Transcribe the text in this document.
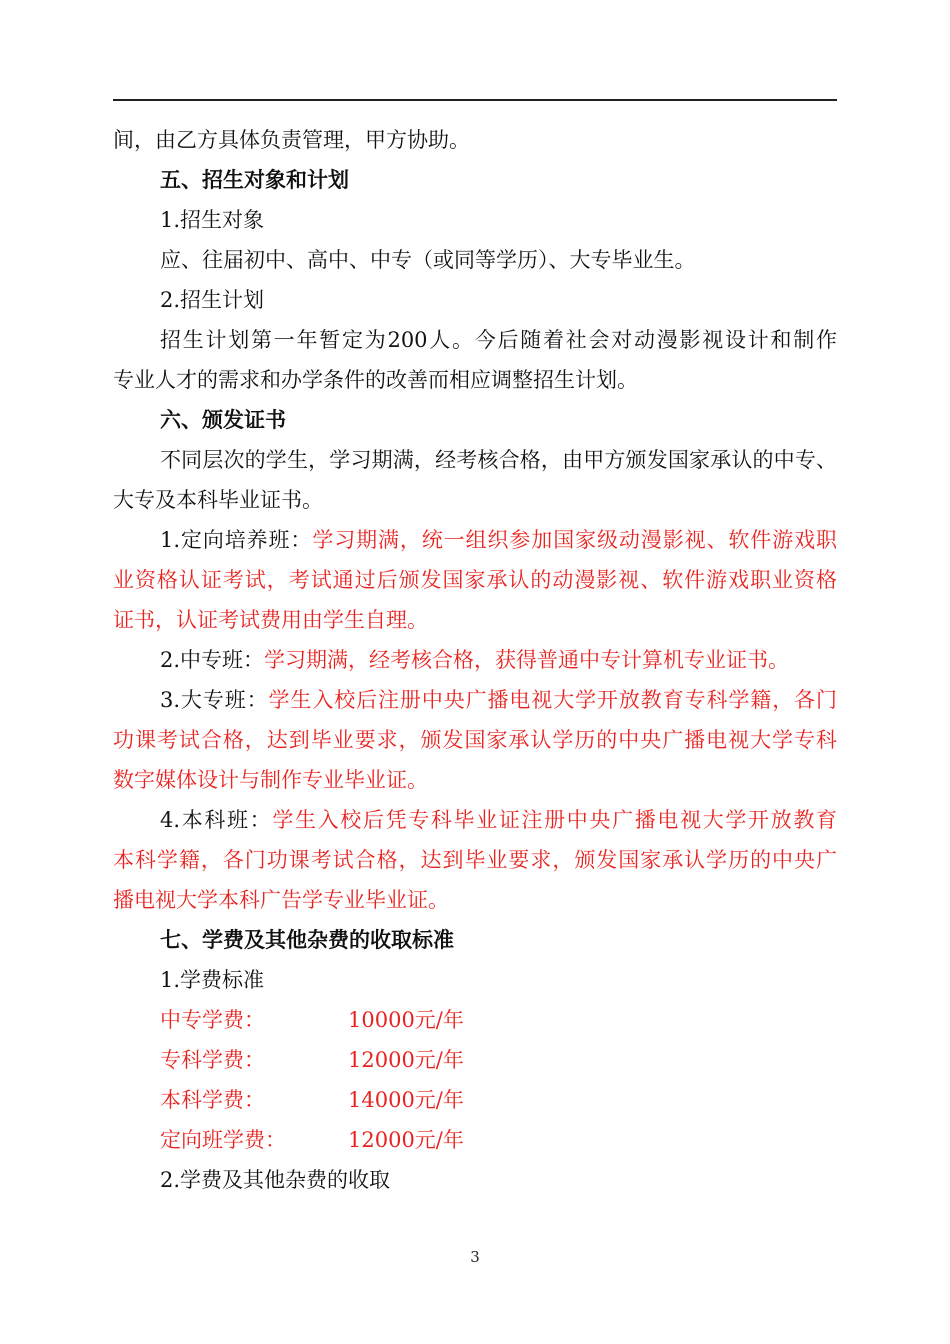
间，由乙方具体负责管理，甲方协助。
五、招生对象和计划
1.招生对象
应、往届初中、高中、中专（或同等学历）、大专毕业生。
2.招生计划
招生计划第一年暂定为200人。今后随着社会对动漫影视设计和制作
专业人才的需求和办学条件的改善而相应调整招生计划。
六、颁发证书
不同层次的学生，学习期满，经考核合格，由甲方颁发国家承认的中专、
大专及本科毕业证书。
1.定向培养班：学习期满，统一组织参加国家级动漫影视、软件游戏职
业资格认证考试，考试通过后颁发国家承认的动漫影视、软件游戏职业资格
证书，认证考试费用由学生自理。
2.中专班：学习期满，经考核合格，获得普通中专计算机专业证书。
3.大专班：学生入校后注册中央广播电视大学开放教育专科学籍，各门
功课考试合格，达到毕业要求，颁发国家承认学历的中央广播电视大学专科
数字媒体设计与制作专业毕业证。
4.本科班：学生入校后凭专科毕业证注册中央广播电视大学开放教育
本科学籍，各门功课考试合格，达到毕业要求，颁发国家承认学历的中央广
播电视大学本科广告学专业毕业证。
七、学费及其他杂费的收取标准
1.学费标准
中专学费：	10000元/年
专科学费：	12000元/年
本科学费：	14000元/年
定向班学费：	12000元/年
2.学费及其他杂费的收取
3
